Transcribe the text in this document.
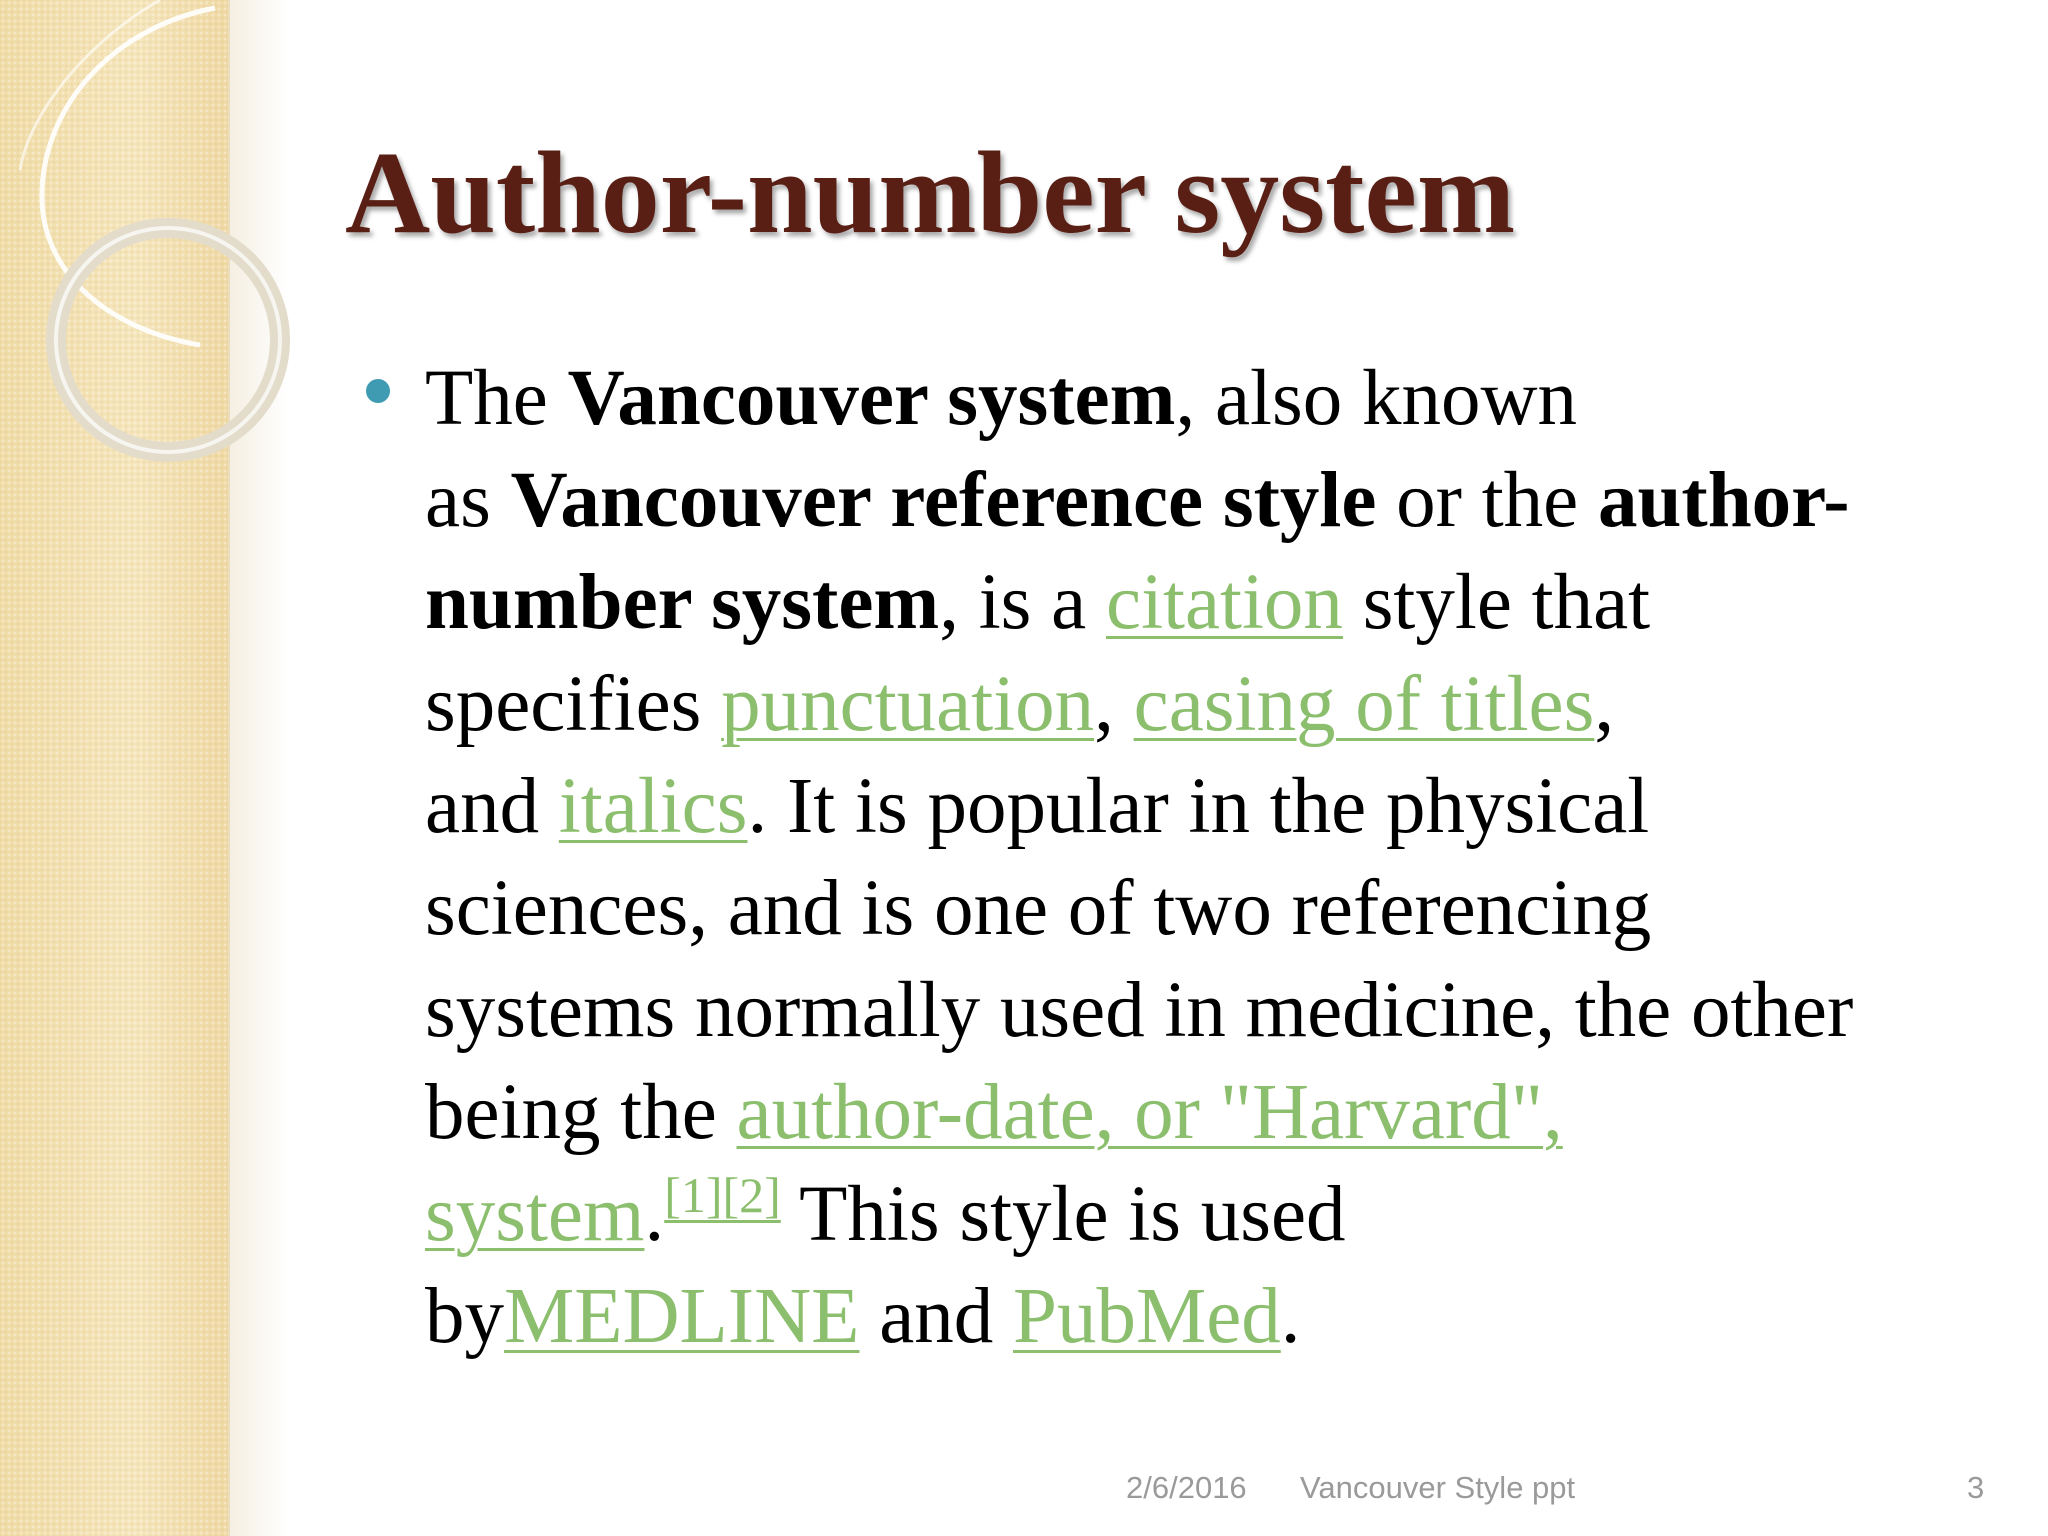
Author-number system
The Vancouver system, also known
as Vancouver reference style or the author-
number system, is a citation style that
specifies punctuation, casing of titles,
and italics. It is popular in the physical
sciences, and is one of two referencing
systems normally used in medicine, the other
being the author-date, or "Harvard",
system.[1][2] This style is used
byMEDLINE and PubMed.
2/6/2016 Vancouver Style ppt	3
